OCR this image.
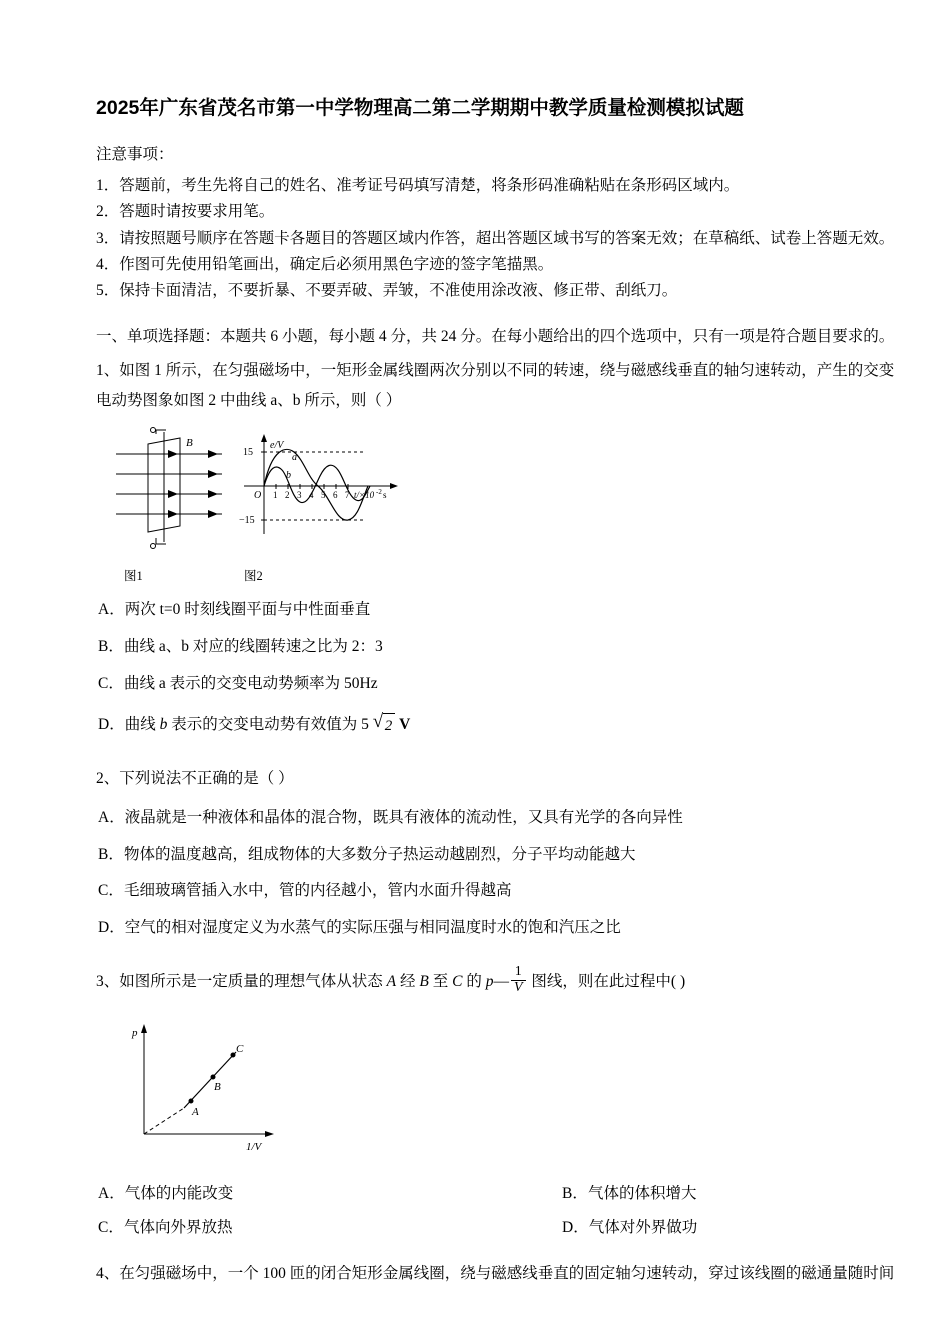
2025年广东省茂名市第一中学物理高二第二学期期中教学质量检测模拟试题
注意事项：
1．答题前，考生先将自己的姓名、准考证号码填写清楚，将条形码准确粘贴在条形码区域内。
2．答题时请按要求用笔。
3．请按照题号顺序在答题卡各题目的答题区域内作答，超出答题区域书写的答案无效；在草稿纸、试卷上答题无效。
4．作图可先使用铅笔画出，确定后必须用黑色字迹的签字笔描黑。
5．保持卡面清洁，不要折暴、不要弄破、弄皱，不准使用涂改液、修正带、刮纸刀。
一、单项选择题：本题共 6 小题，每小题 4 分，共 24 分。在每小题给出的四个选项中，只有一项是符合题目要求的。
1、如图 1 所示，在匀强磁场中，一矩形金属线圈两次分别以不同的转速，绕与磁感线垂直的轴匀速转动，产生的交变
电动势图象如图 2 中曲线 a、b 所示，则（ ）
B	e/V
15
−15
O 1 2 3 4 5 6 7 t/×10 -2 s
a
b
图1	图2
A．两次 t=0 时刻线圈平面与中性面垂直
B．曲线 a、b 对应的线圈转速之比为 2：3
C．曲线 a 表示的交变电动势频率为 50Hz
D．曲线 b 表示的交变电动势有效值为 5 √ 2 V
2、下列说法不正确的是（ ）
A．液晶就是一种液体和晶体的混合物，既具有液体的流动性，又具有光学的各向异性
B．物体的温度越高，组成物体的大多数分子热运动越剧烈，分子平均动能越大
C．毛细玻璃管插入水中，管的内径越小，管内水面升得越高
D．空气的相对湿度定义为水蒸气的实际压强与相同温度时水的饱和汽压之比
3、如图所示是一定质量的理想气体从状态 A 经 B 至 C 的 p— $\frac{1}{V}$ 图线，则在此过程中( )
p
1/V
A
B
C
A．气体的内能改变	B．气体的体积增大
C．气体向外界放热	D．气体对外界做功
4、在匀强磁场中，一个 100 匝的闭合矩形金属线圈，绕与磁感线垂直的固定轴匀速转动，穿过该线圈的磁通量随时间
